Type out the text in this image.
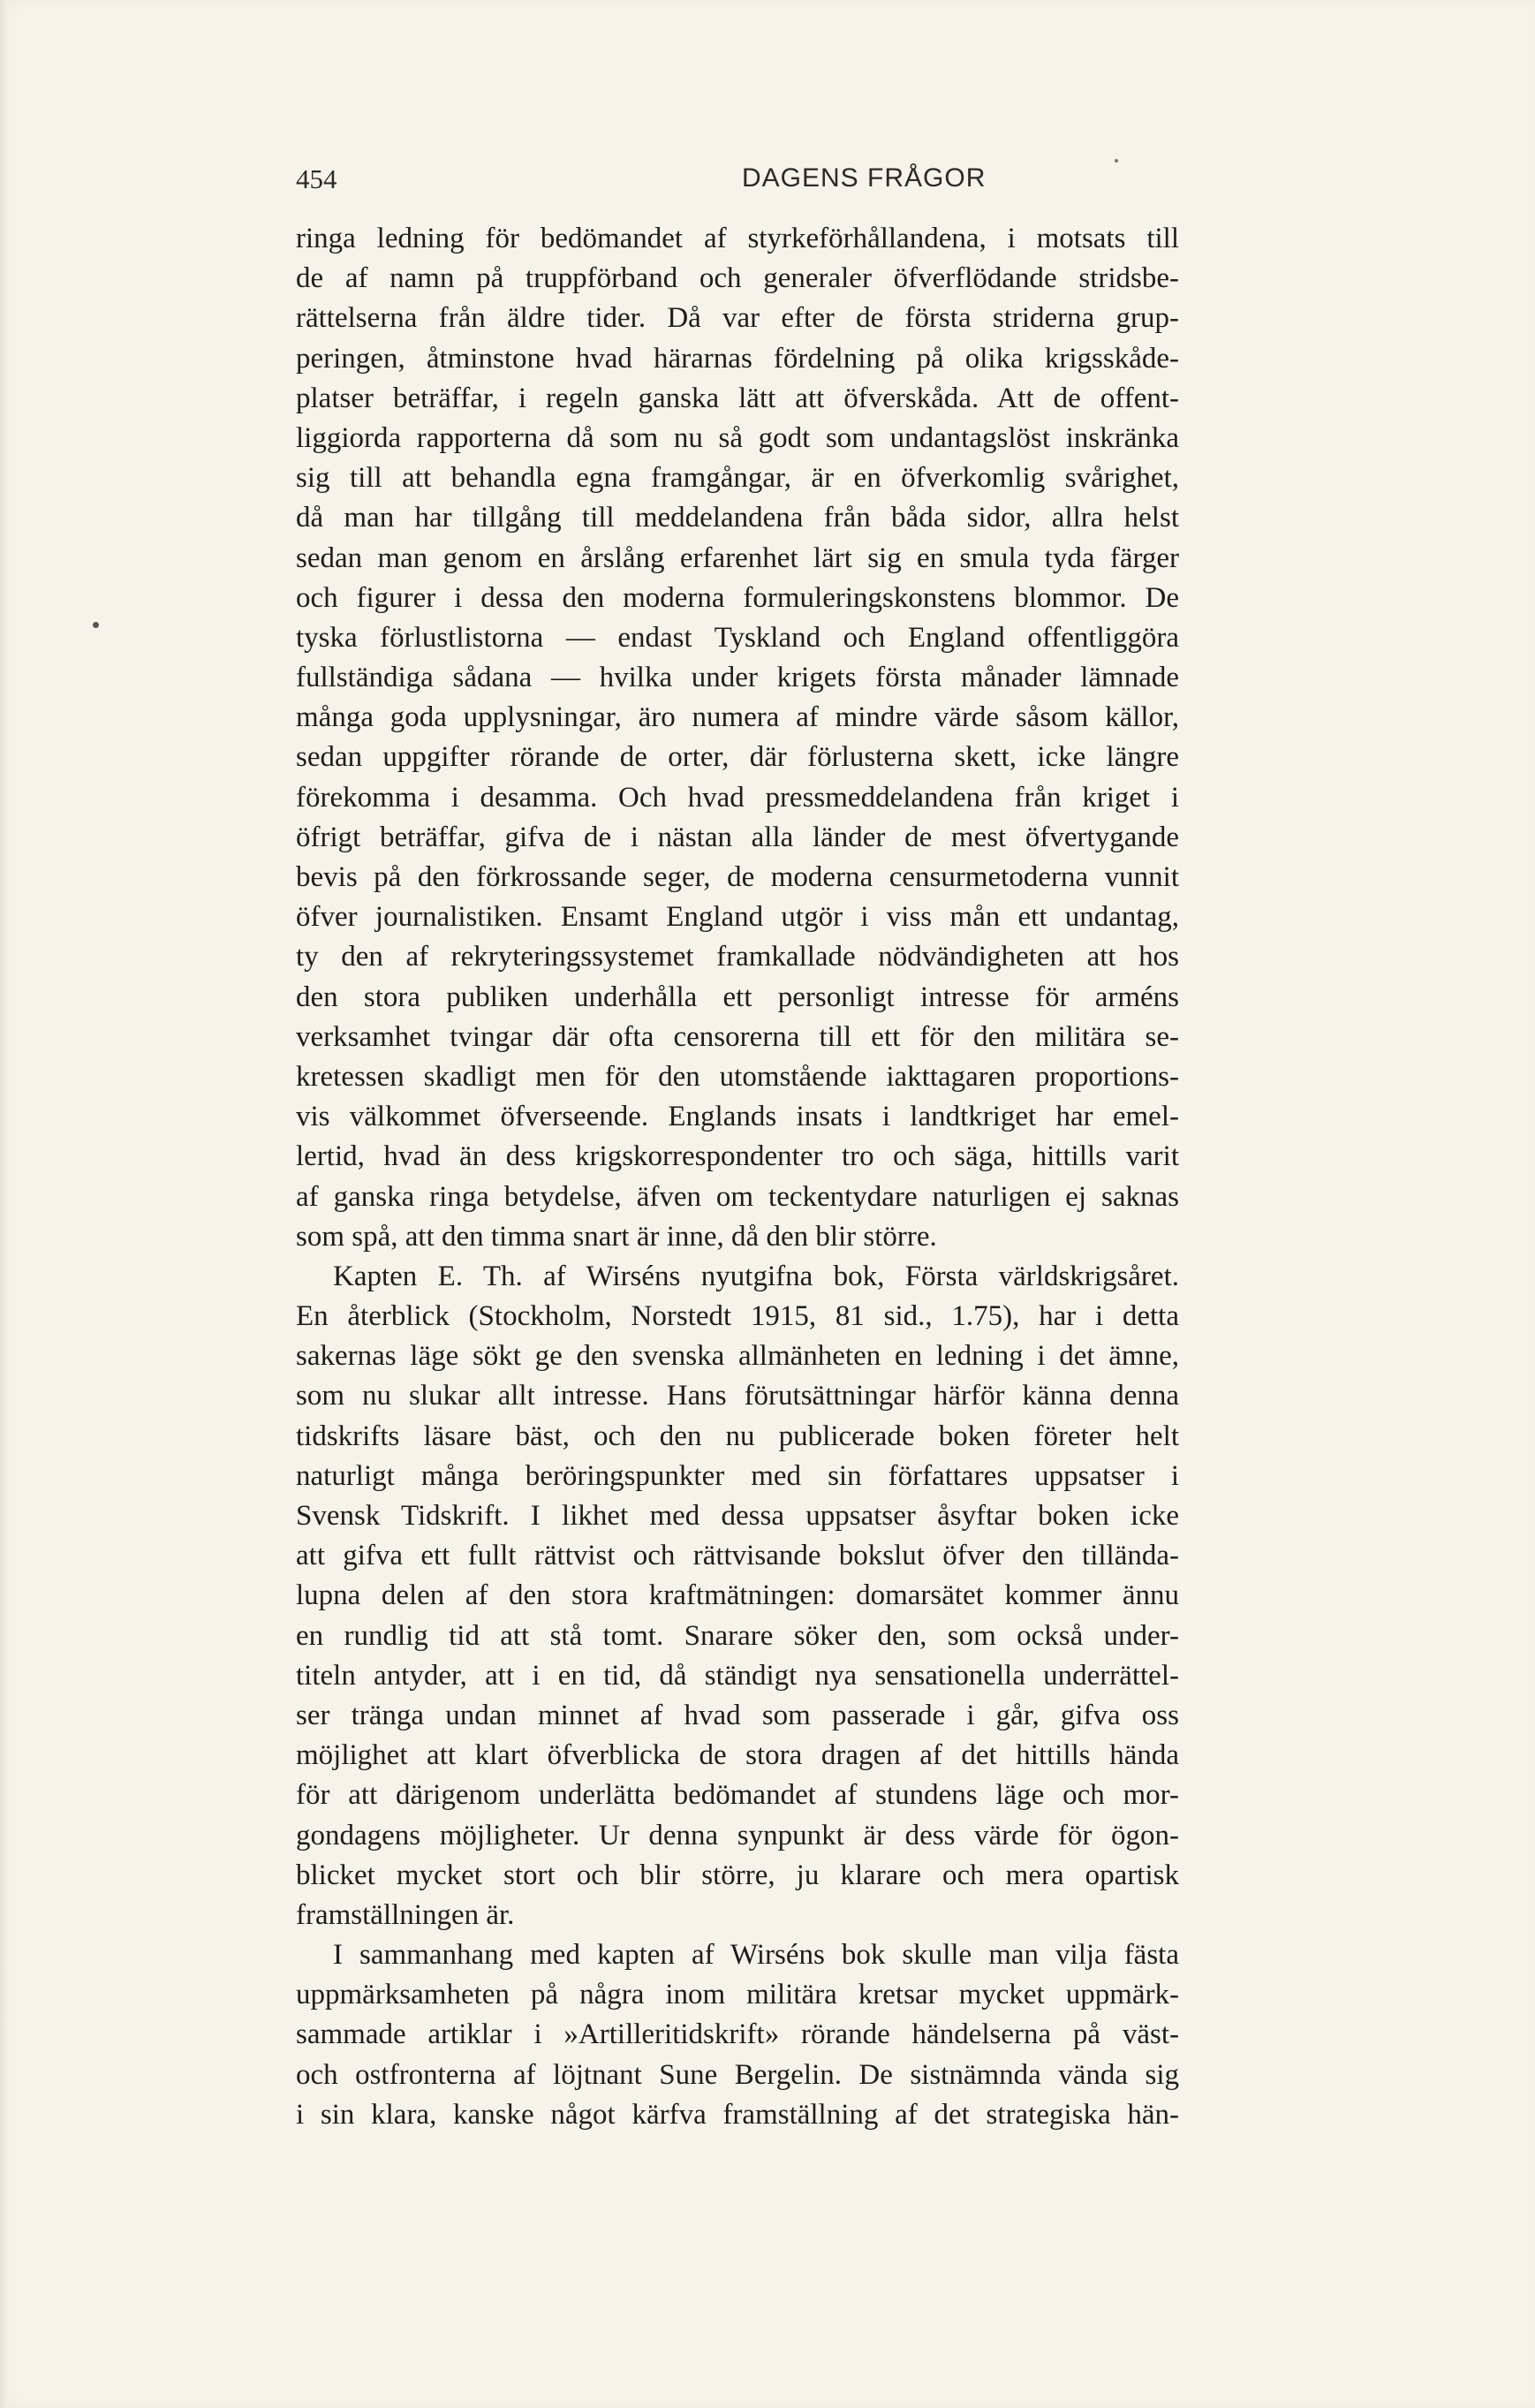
454	DAGENS FRÅGOR
ringa ledning för bedömandet af styrkeförhållandena, i motsats till
de af namn på truppförband och generaler öfverflödande stridsbe-
rättelserna från äldre tider. Då var efter de första striderna grup-
peringen, åtminstone hvad härarnas fördelning på olika krigsskåde-
platser beträffar, i regeln ganska lätt att öfverskåda. Att de offent-
liggiorda rapporterna då som nu så godt som undantagslöst inskränka
sig till att behandla egna framgångar, är en öfverkomlig svårighet,
då man har tillgång till meddelandena från båda sidor, allra helst
sedan man genom en årslång erfarenhet lärt sig en smula tyda färger
och figurer i dessa den moderna formuleringskonstens blommor. De
tyska förlustlistorna — endast Tyskland och England offentliggöra
fullständiga sådana — hvilka under krigets första månader lämnade
många goda upplysningar, äro numera af mindre värde såsom källor,
sedan uppgifter rörande de orter, där förlusterna skett, icke längre
förekomma i desamma. Och hvad pressmeddelandena från kriget i
öfrigt beträffar, gifva de i nästan alla länder de mest öfvertygande
bevis på den förkrossande seger, de moderna censurmetoderna vunnit
öfver journalistiken. Ensamt England utgör i viss mån ett undantag,
ty den af rekryteringssystemet framkallade nödvändigheten att hos
den stora publiken underhålla ett personligt intresse för arméns
verksamhet tvingar där ofta censorerna till ett för den militära se-
kretessen skadligt men för den utomstående iakttagaren proportions-
vis välkommet öfverseende. Englands insats i landtkriget har emel-
lertid, hvad än dess krigskorrespondenter tro och säga, hittills varit
af ganska ringa betydelse, äfven om teckentydare naturligen ej saknas
som spå, att den timma snart är inne, då den blir större.
Kapten E. Th. af Wirséns nyutgifna bok, Första världskrigsåret.
En återblick (Stockholm, Norstedt 1915, 81 sid., 1.75), har i detta
sakernas läge sökt ge den svenska allmänheten en ledning i det ämne,
som nu slukar allt intresse. Hans förutsättningar härför känna denna
tidskrifts läsare bäst, och den nu publicerade boken företer helt
naturligt många beröringspunkter med sin författares uppsatser i
Svensk Tidskrift. I likhet med dessa uppsatser åsyftar boken icke
att gifva ett fullt rättvist och rättvisande bokslut öfver den tillända-
lupna delen af den stora kraftmätningen: domarsätet kommer ännu
en rundlig tid att stå tomt. Snarare söker den, som också under-
titeln antyder, att i en tid, då ständigt nya sensationella underrättel-
ser tränga undan minnet af hvad som passerade i går, gifva oss
möjlighet att klart öfverblicka de stora dragen af det hittills hända
för att därigenom underlätta bedömandet af stundens läge och mor-
gondagens möjligheter. Ur denna synpunkt är dess värde för ögon-
blicket mycket stort och blir större, ju klarare och mera opartisk
framställningen är.
I sammanhang med kapten af Wirséns bok skulle man vilja fästa
uppmärksamheten på några inom militära kretsar mycket uppmärk-
sammade artiklar i »Artilleritidskrift» rörande händelserna på väst-
och ostfronterna af löjtnant Sune Bergelin. De sistnämnda vända sig
i sin klara, kanske något kärfva framställning af det strategiska hän-
